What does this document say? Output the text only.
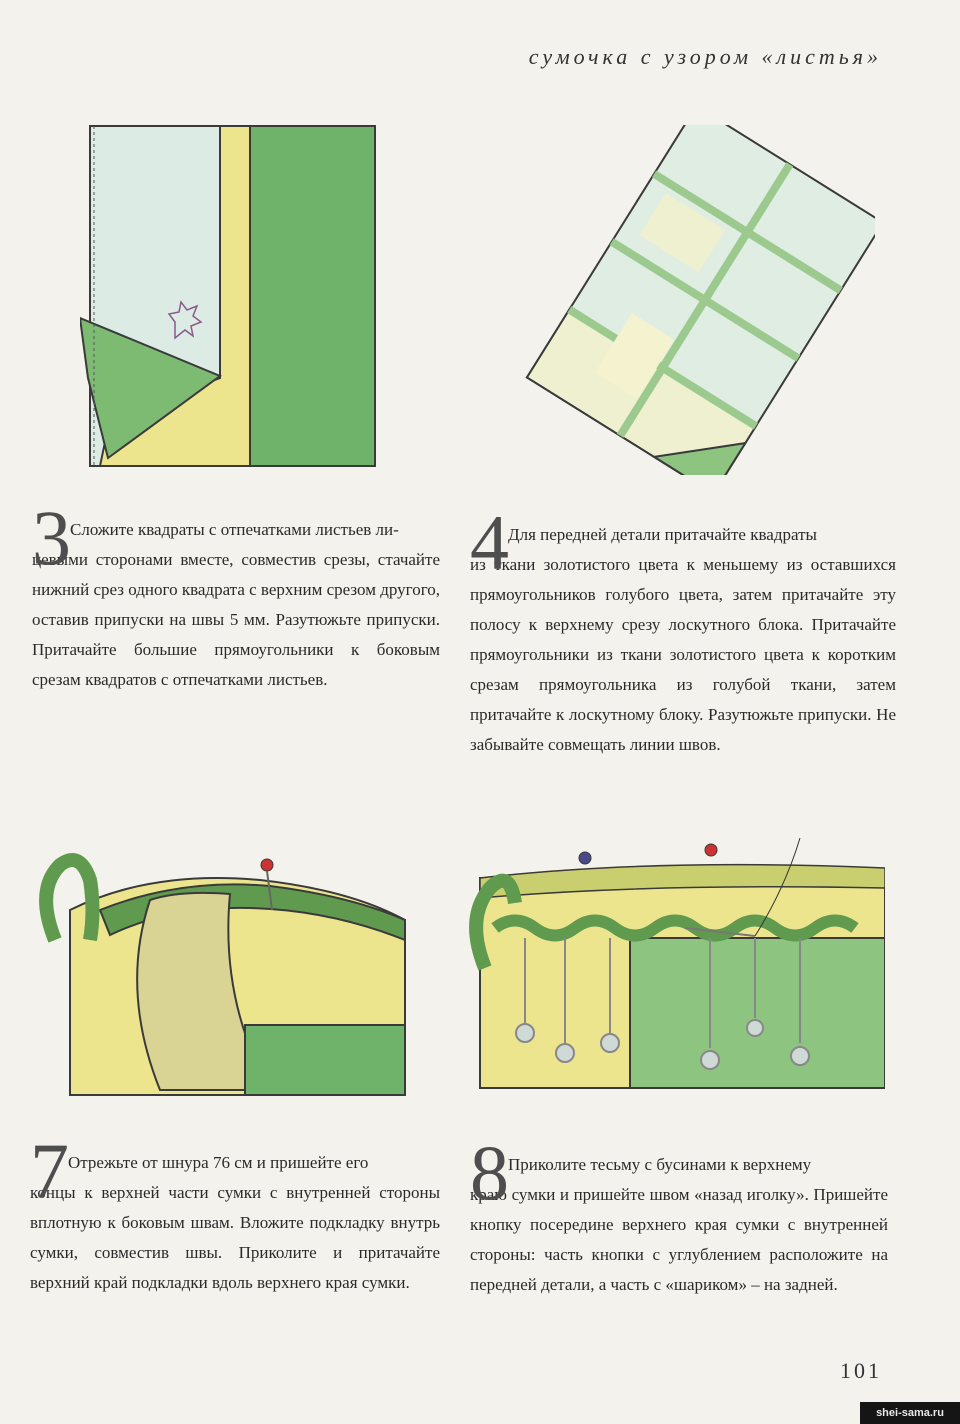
сумочка с узором «листья»
3 Сложите квадраты с отпечатками листьев ли-
цевыми сторонами вместе, совместив срезы, стачайте нижний срез одного квадрата с верхним срезом другого, оставив припуски на швы 5 мм. Разутюжьте припуски. Притачайте большие прямоугольники к боковым срезам квадратов с отпечатками листьев.

4 Для передней детали притачайте квадраты
из ткани золотистого цвета к меньшему из оставшихся прямоугольников голубого цвета, затем притачайте эту полосу к верхнему срезу лоскутного блока. Притачайте прямоугольники из ткани золотистого цвета к коротким срезам прямоугольника из голубой ткани, затем притачайте к лоскутному блоку. Разутюжьте припуски. Не забывайте совмещать линии швов.

7 Отрежьте от шнура 76 см и пришейте его
концы к верхней части сумки с внутренней стороны вплотную к боковым швам. Вложите подкладку внутрь сумки, совместив швы. Приколите и притачайте верхний край подкладки вдоль верхнего края сумки.

8 Приколите тесьму с бусинами к верхнему
краю сумки и пришейте швом «назад иголку». Пришейте кнопку посередине верхнего края сумки с внутренней стороны: часть кнопки с углублением расположите на передней детали, а часть с «шариком» – на задней.

101
shei-sama.ru
